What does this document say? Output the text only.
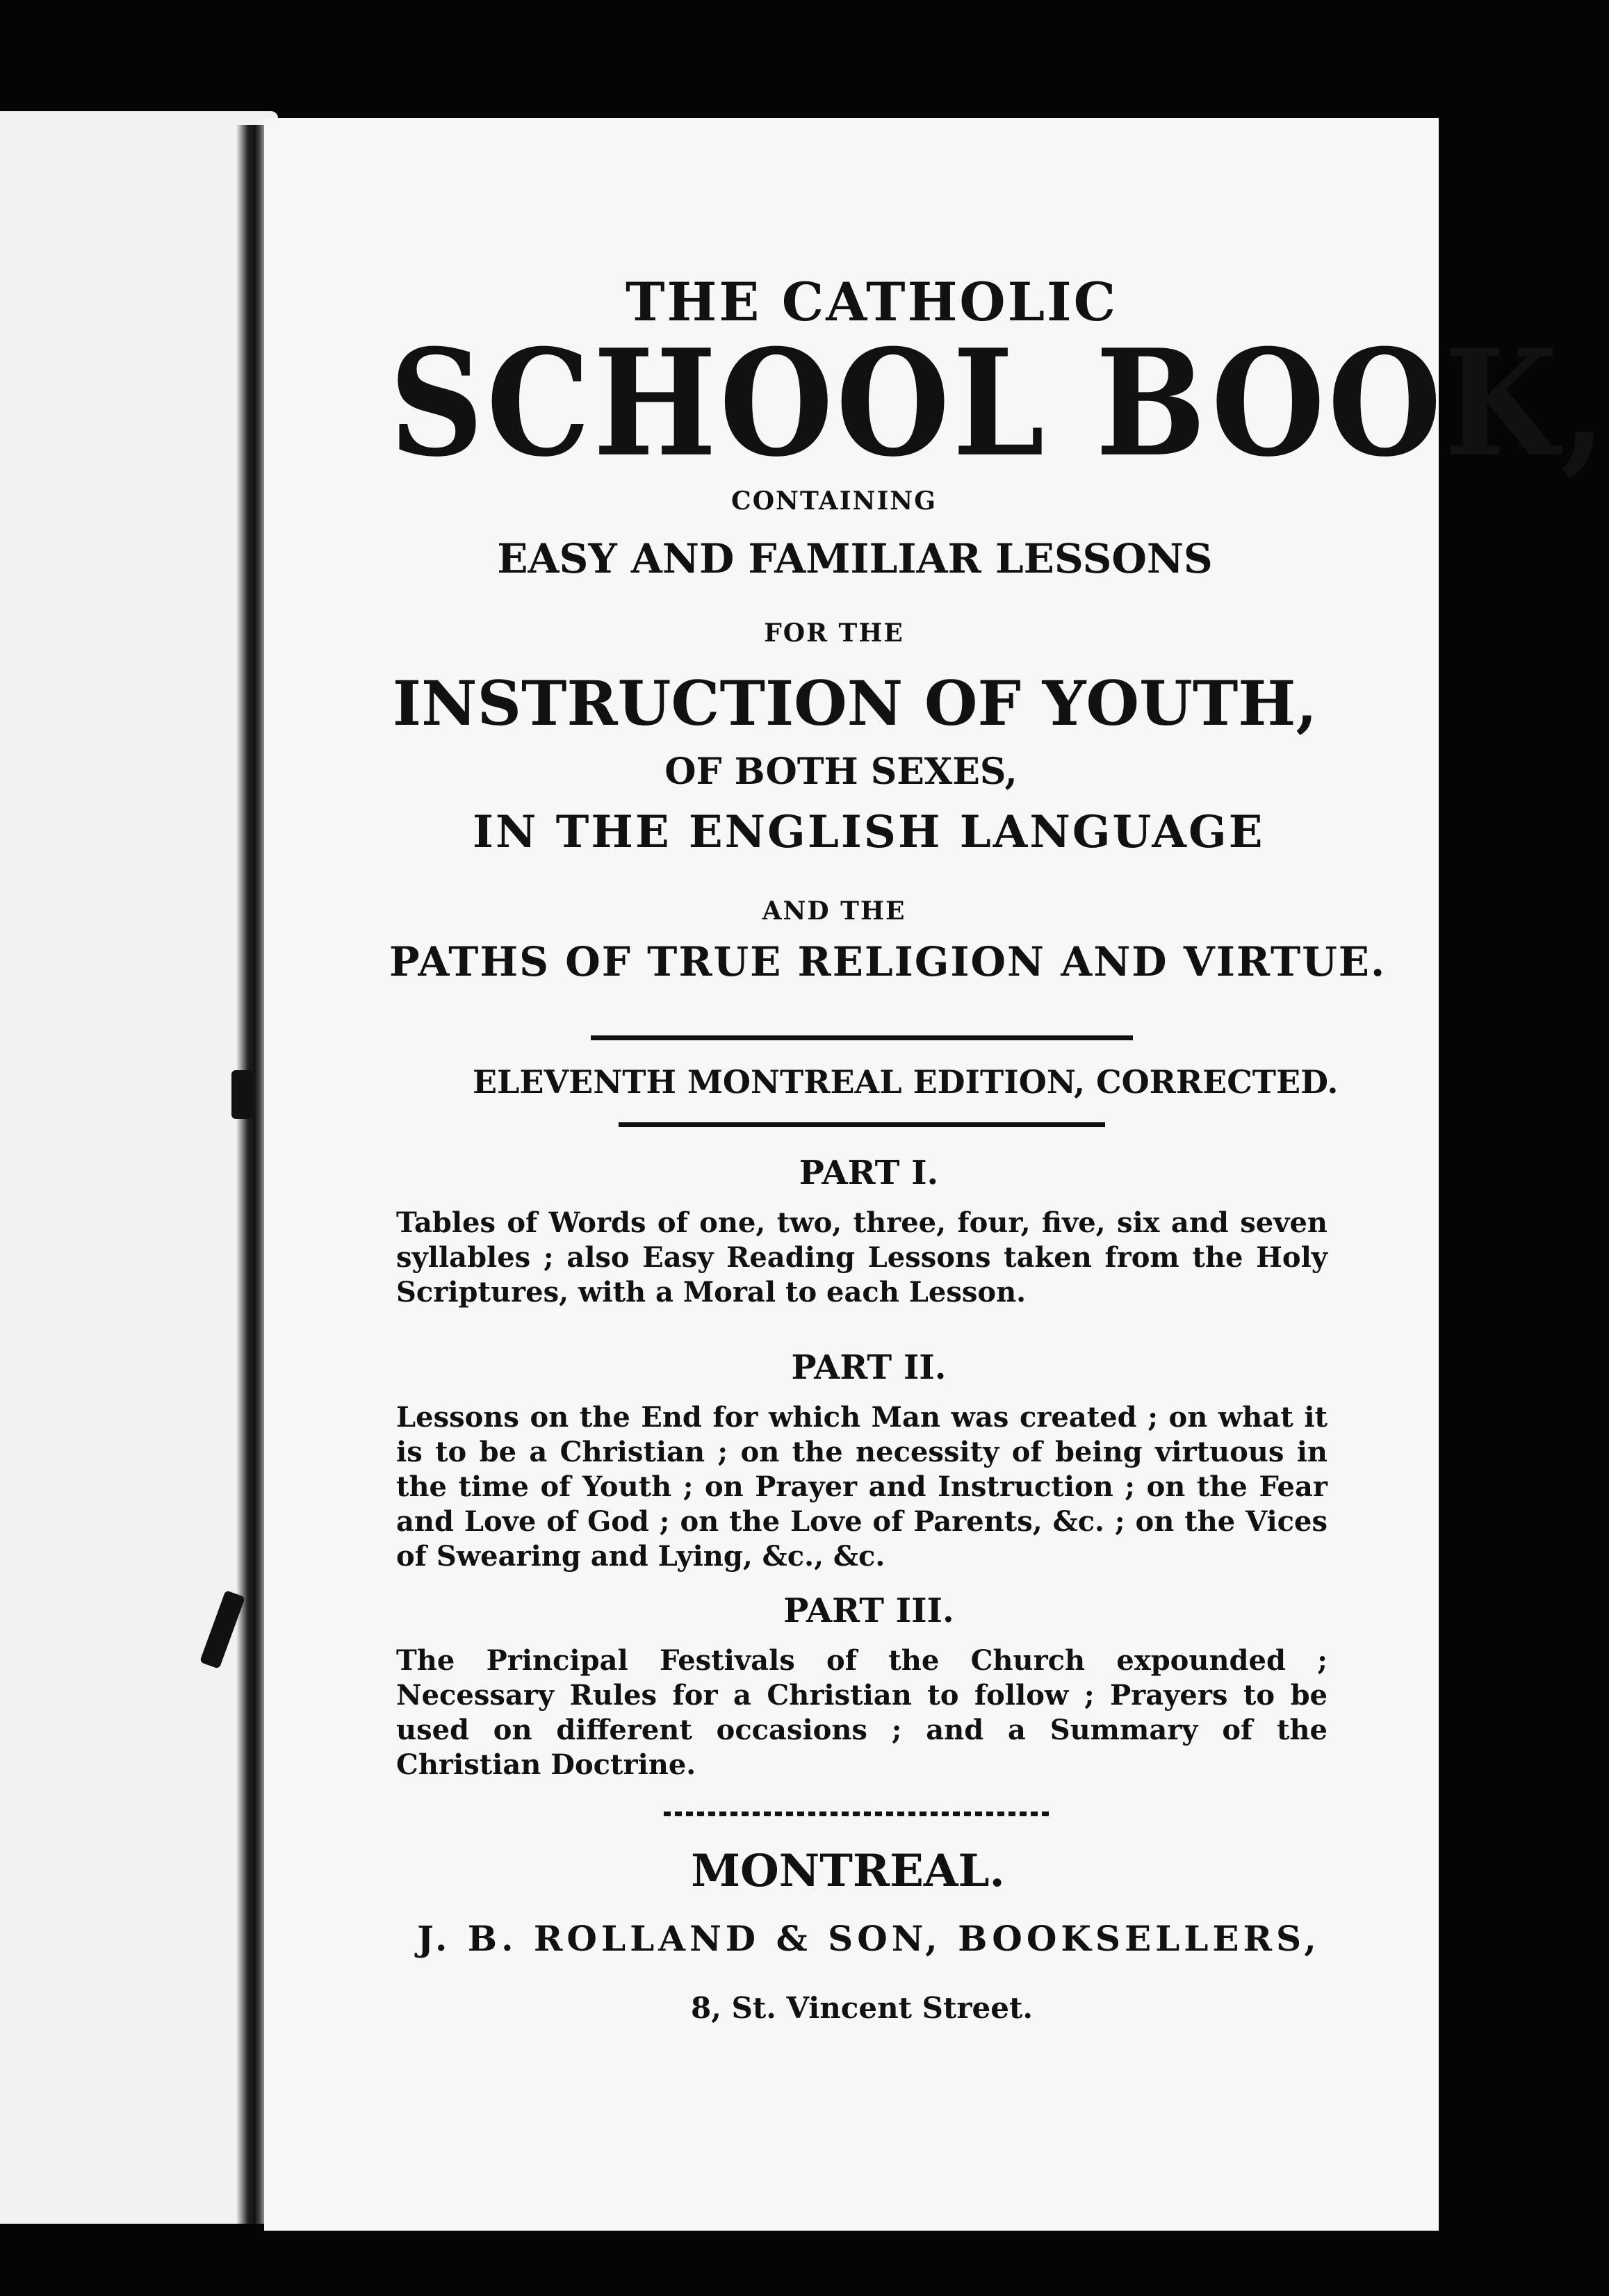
THE CATHOLIC
SCHOOL BOOK,
CONTAINING
EASY AND FAMILIAR LESSONS
FOR THE
INSTRUCTION OF YOUTH,
OF BOTH SEXES,
IN THE ENGLISH LANGUAGE
AND THE
PATHS OF TRUE RELIGION AND VIRTUE.
ELEVENTH MONTREAL EDITION, CORRECTED.
PART I.
Tables of Words of one, two, three, four, five, six and seven syllables ; also Easy Reading Lessons taken from the Holy Scriptures, with a Moral to each Lesson.
PART II.
Lessons on the End for which Man was created ; on what it is to be a Christian ; on the necessity of being virtuous in the time of Youth ; on Prayer and Instruction ; on the Fear and Love of God ; on the Love of Parents, &c. ; on the Vices of Swearing and Lying, &c., &c.
PART III.
The Principal Festivals of the Church expounded ; Necessary Rules for a Christian to follow ; Prayers to be used on different occasions ; and a Summary of the Christian Doctrine.
MONTREAL.
J. B. ROLLAND & SON, BOOKSELLERS,
8, St. Vincent Street.
